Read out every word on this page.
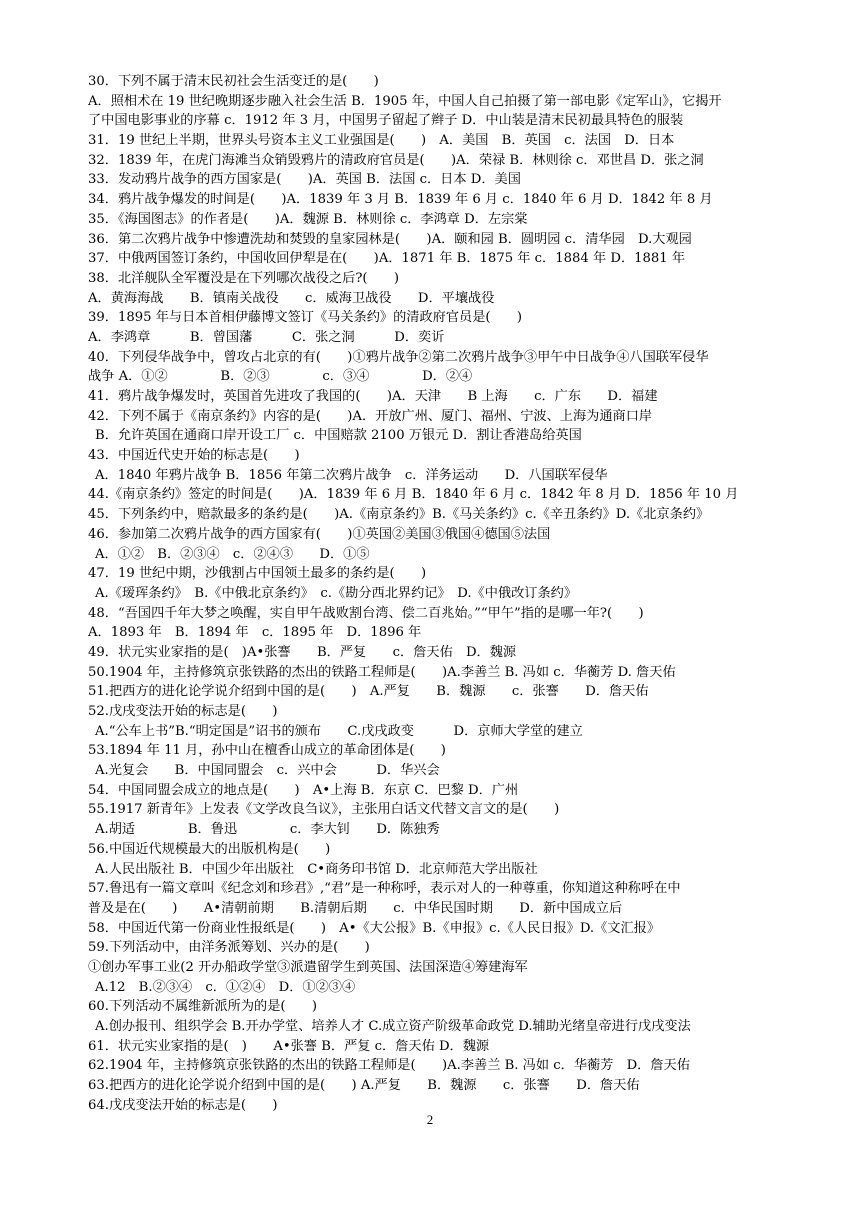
30．下列不属于清末民初社会生活变迁的是(　　)
A．照相术在 19 世纪晚期逐步融入社会生活 B．1905 年，中国人自己拍摄了第一部电影《定军山》，它揭开
了中国电影事业的序幕 c．1912 年 3 月，中国男子留起了辫子 D．中山装是清末民初最具特色的服装
31．19 世纪上半期，世界头号资本主义工业强国是(　　)　A．美国　B．英国　c．法国　D．日本
32．1839 年，在虎门海滩当众销毁鸦片的清政府官员是(　　)A．荣禄 B．林则徐 c．邓世昌 D．张之洞
33．发动鸦片战争的西方国家是(　　)A．英国 B．法国 c．日本 D．美国
34．鸦片战争爆发的时间是(　　)A．1839 年 3 月 B．1839 年 6 月 c．1840 年 6 月 D．1842 年 8 月
35．《海国图志》的作者是(　　)A．魏源 B．林则徐 c．李鸿章 D．左宗棠
36．第二次鸦片战争中惨遭洗劫和焚毁的皇家园林是(　　)A．颐和园 B．圆明园 c．清华园　D.大观园
37．中俄两国签订条约，中国收回伊犁是在(　　)A．1871 年 B．1875 年 c．1884 年 D．1881 年
38．北洋舰队全军覆没是在下列哪次战役之后?(　　)
A．黄海海战　　B．镇南关战役　　c．威海卫战役　　D．平壤战役
39．1895 年与日本首相伊藤博文签订《马关条约》的清政府官员是(　　)
A．李鸿章　　　B．曾国藩　　　C．张之洞　　　D．奕䜣
40．下列侵华战争中，曾攻占北京的有(　　)①鸦片战争②第二次鸦片战争③甲午中日战争④八国联军侵华
战争 A．①②　　　　B．②③　　　　c．③④　　　　D．②④
41．鸦片战争爆发时，英国首先进攻了我国的(　　)A．天津　　B 上海　　c．广东　　D．福建
42．下列不属于《南京条约》内容的是(　　)A．开放广州、厦门、福州、宁波、上海为通商口岸
B．允许英国在通商口岸开设工厂 c．中国赔款 2100 万银元 D．割让香港岛给英国
43．中国近代史开始的标志是(　　)
A．1840 年鸦片战争 B．1856 年第二次鸦片战争　c．洋务运动　　D．八国联军侵华
44.《南京条约》签定的时间是(　　)A．1839 年 6 月 B．1840 年 6 月 c．1842 年 8 月 D．1856 年 10 月
45．下列条约中，赔款最多的条约是(　　)A.《南京条约》B.《马关条约》c.《辛丑条约》D.《北京条约》
46．参加第二次鸦片战争的西方国家有(　　)①英国②美国③俄国④德国⑤法国
A．①②　B．②③④　c．②④③　　D．①⑤
47．19 世纪中期，沙俄割占中国领土最多的条约是(　　)
A.《瑷珲条约》　B.《中俄北京条约》　c.《勘分西北界约记》　D.《中俄改订条约》
48．“吾国四千年大梦之唤醒，实自甲午战败割台湾、偿二百兆始。”“甲午”指的是哪一年?(　　)
A．1893 年　B．1894 年　c．1895 年　D．1896 年
49．状元实业家指的是(　)A•张謇　　B．严复　　c．詹天佑　D．魏源
50.1904 年，主持修筑京张铁路的杰出的铁路工程师是(　　)A.李善兰 B. 冯如 c．华蘅芳 D. 詹天佑
51.把西方的进化论学说介绍到中国的是(　　)　A.严复　　B．魏源　　c．张謇　　D．詹天佑
52.戊戌变法开始的标志是(　　)
A.“公车上书”B.“明定国是”诏书的颁布　　C.戊戌政变　　　D．京师大学堂的建立
53.1894 年 11 月，孙中山在檀香山成立的革命团体是(　　)
A.光复会　　B．中国同盟会　c．兴中会　　　D．华兴会
54．中国同盟会成立的地点是(　　)　A•上海 B．东京 C．巴黎 D．广州
55.1917 新青年》上发表《文学改良刍议》，主张用白话文代替文言文的是(　　)
A.胡适　　　　B．鲁迅　　　　c．李大钊　　D．陈独秀
56.中国近代规模最大的出版机构是(　　)
A.人民出版社 B．中国少年出版社　C•商务印书馆 D．北京师范大学出版社
57.鲁迅有一篇文章叫《纪念刘和珍君》,“君”是一种称呼，表示对人的一种尊重，你知道这种称呼在中
普及是在(　　)　　A•清朝前期　　B.清朝后期　　c．中华民国时期　　D．新中国成立后
58．中国近代第一份商业性报纸是(　　)　A•《大公报》B.《申报》c.《人民日报》D.《文汇报》
59.下列活动中，由洋务派筹划、兴办的是(　　)
①创办军事工业(2 开办船政学堂③派遣留学生到英国、法国深造④筹建海军
A.12　B.②③④　c．①②④　D．①②③④
60.下列活动不属维新派所为的是(　　)
A.创办报刊、组织学会 B.开办学堂、培养人才 C.成立资产阶级革命政党 D.辅助光绪皇帝进行戊戌变法
61．状元实业家指的是(　)　　A•张謇 B．严复 c．詹天佑 D．魏源
62.1904 年，主持修筑京张铁路的杰出的铁路工程师是(　　)A.李善兰 B. 冯如 c．华蘅芳　D．詹天佑
63.把西方的进化论学说介绍到中国的是(　　) A.严复　　B．魏源　　c．张謇　　D．詹天佑
64.戊戌变法开始的标志是(　　)
2
